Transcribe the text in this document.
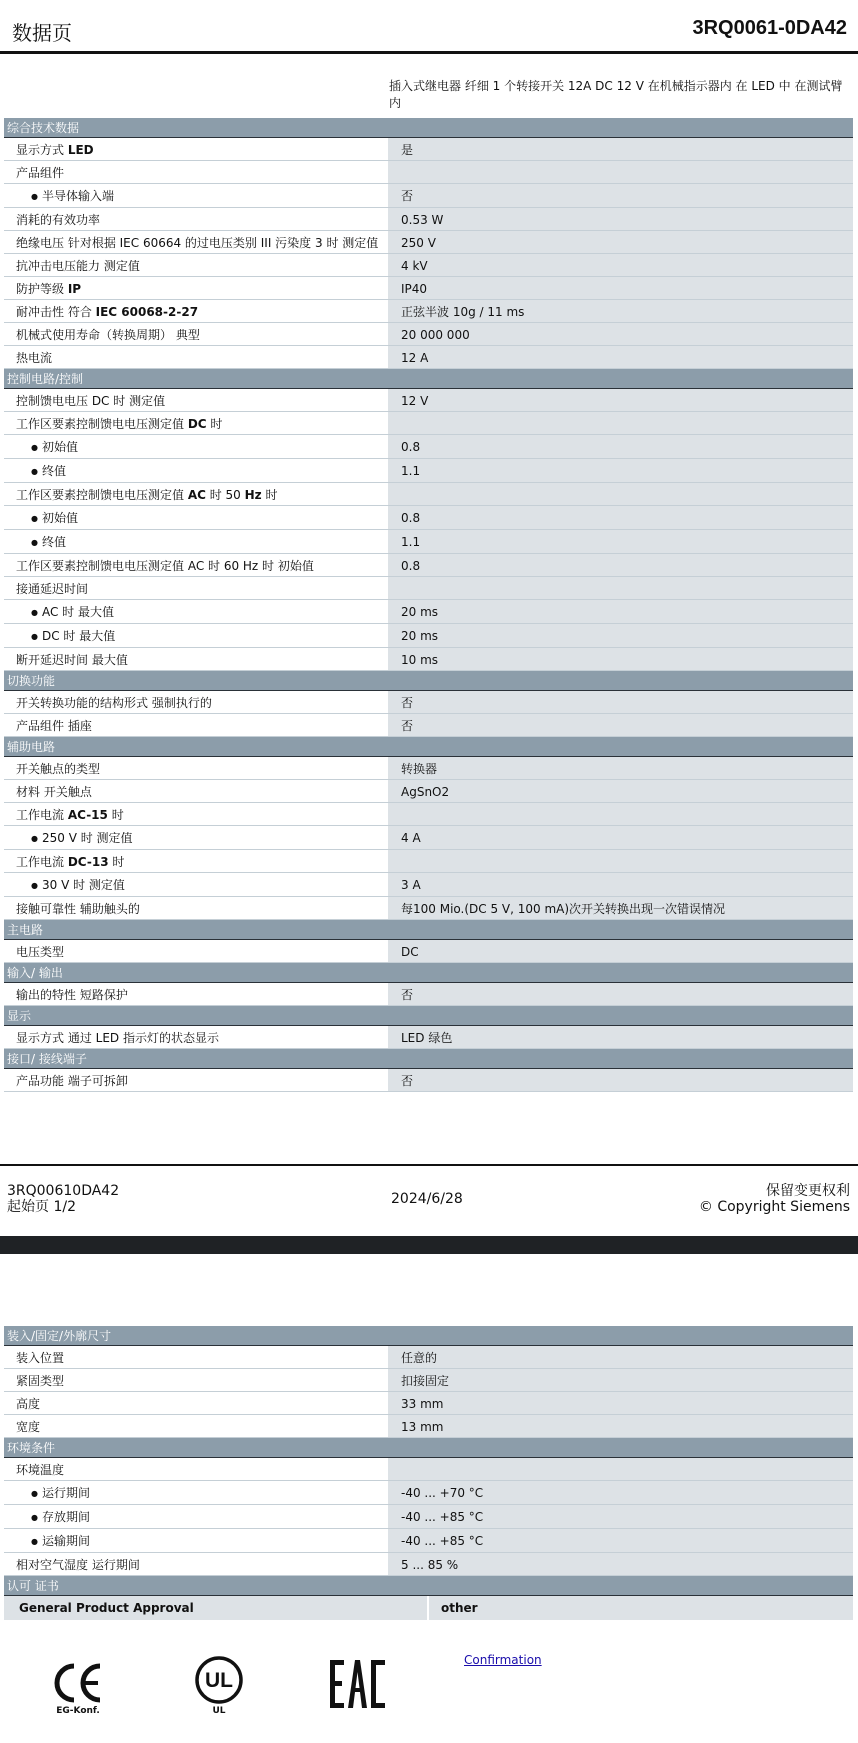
数据页	3RQ0061-0DA42
插入式继电器 纤细 1 个转接开关 12A DC 12 V 在机械指示器内 在 LED 中 在测试臂内
综合技术数据
显示方式 LED	是
产品组件
● 半导体输入端	否
消耗的有效功率	0.53 W
绝缘电压 针对根据 IEC 60664 的过电压类别 III 污染度 3 时 测定值	250 V
抗冲击电压能力 测定值	4 kV
防护等级 IP	IP40
耐冲击性 符合 IEC 60068-2-27	正弦半波 10g / 11 ms
机械式使用寿命（转换周期） 典型	20 000 000
热电流	12 A
控制电路/控制
控制馈电电压 DC 时 测定值	12 V
工作区要素控制馈电电压测定值 DC 时
● 初始值	0.8
● 终值	1.1
工作区要素控制馈电电压测定值 AC 时 50 Hz 时
● 初始值	0.8
● 终值	1.1
工作区要素控制馈电电压测定值 AC 时 60 Hz 时 初始值	0.8
接通延迟时间
● AC 时 最大值	20 ms
● DC 时 最大值	20 ms
断开延迟时间 最大值	10 ms
切换功能
开关转换功能的结构形式 强制执行的	否
产品组件 插座	否
辅助电路
开关触点的类型	转换器
材料 开关触点	AgSnO2
工作电流 AC-15 时
● 250 V 时 测定值	4 A
工作电流 DC-13 时
● 30 V 时 测定值	3 A
接触可靠性 辅助触头的	每100 Mio.(DC 5 V, 100 mA)次开关转换出现一次错误情况
主电路
电压类型	DC
输入/ 输出
输出的特性 短路保护	否
显示
显示方式 通过 LED 指示灯的状态显示	LED 绿色
接口/ 接线端子
产品功能 端子可拆卸	否
3RQ00610DA42
起始页 1/2	2024/6/28	保留变更权利
© Copyright Siemens
装入/固定/外廓尺寸
装入位置	任意的
紧固类型	扣接固定
高度	33 mm
宽度	13 mm
环境条件
环境温度
● 运行期间	-40 ... +70 °C
● 存放期间	-40 ... +85 °C
● 运输期间	-40 ... +85 °C
相对空气湿度 运行期间	5 ... 85 %
认可 证书
General Product Approval	other
Confirmation
EG-Konf.
UL
UL
